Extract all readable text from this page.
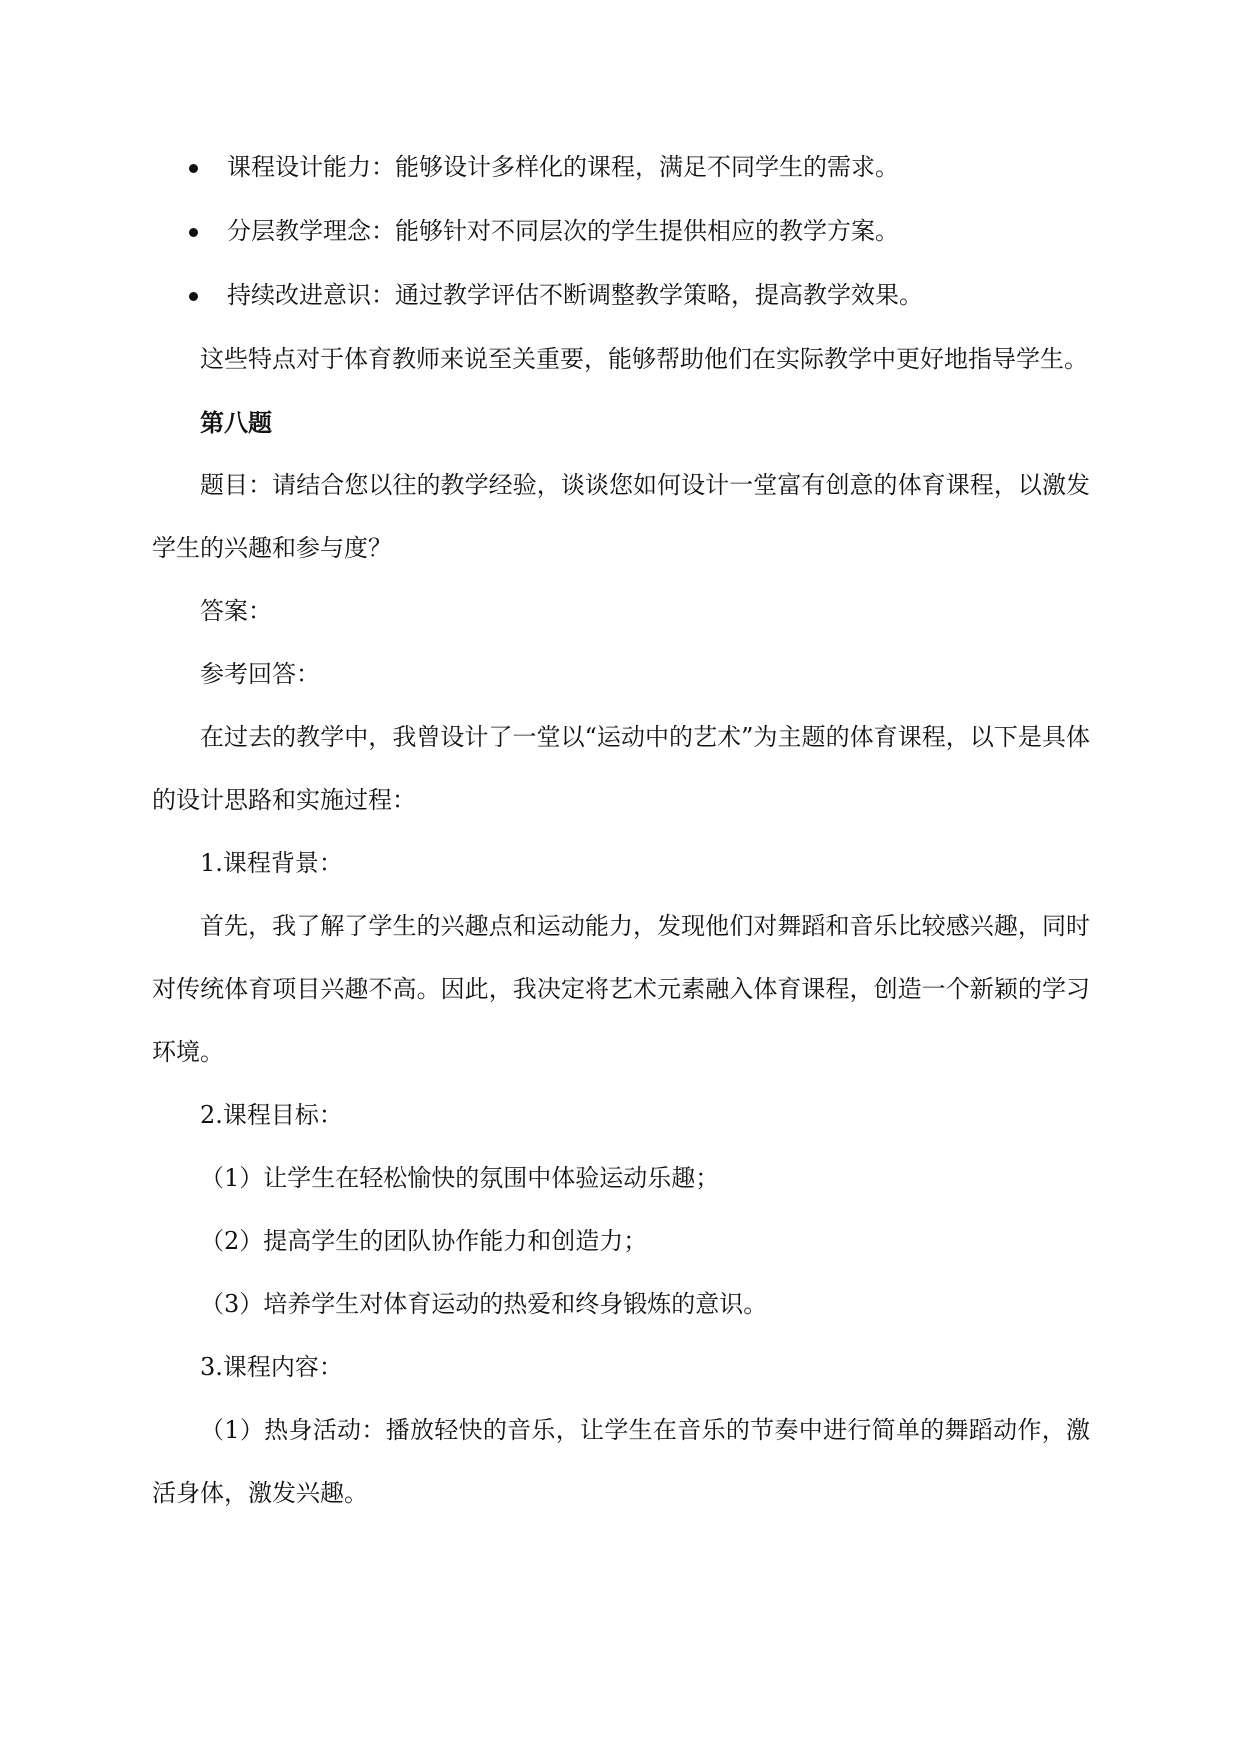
课程设计能力：能够设计多样化的课程，满足不同学生的需求。
分层教学理念：能够针对不同层次的学生提供相应的教学方案。
持续改进意识：通过教学评估不断调整教学策略，提高教学效果。

这些特点对于体育教师来说至关重要，能够帮助他们在实际教学中更好地指导学生。

第八题

题目：请结合您以往的教学经验，谈谈您如何设计一堂富有创意的体育课程，以激发学生的兴趣和参与度？

答案：

参考回答：

在过去的教学中，我曾设计了一堂以“运动中的艺术”为主题的体育课程，以下是具体的设计思路和实施过程：

1.课程背景：

首先，我了解了学生的兴趣点和运动能力，发现他们对舞蹈和音乐比较感兴趣，同时对传统体育项目兴趣不高。因此，我决定将艺术元素融入体育课程，创造一个新颖的学习环境。

2.课程目标：

（1）让学生在轻松愉快的氛围中体验运动乐趣；

（2）提高学生的团队协作能力和创造力；

（3）培养学生对体育运动的热爱和终身锻炼的意识。

3.课程内容：

（1）热身活动：播放轻快的音乐，让学生在音乐的节奏中进行简单的舞蹈动作，激活身体，激发兴趣。
